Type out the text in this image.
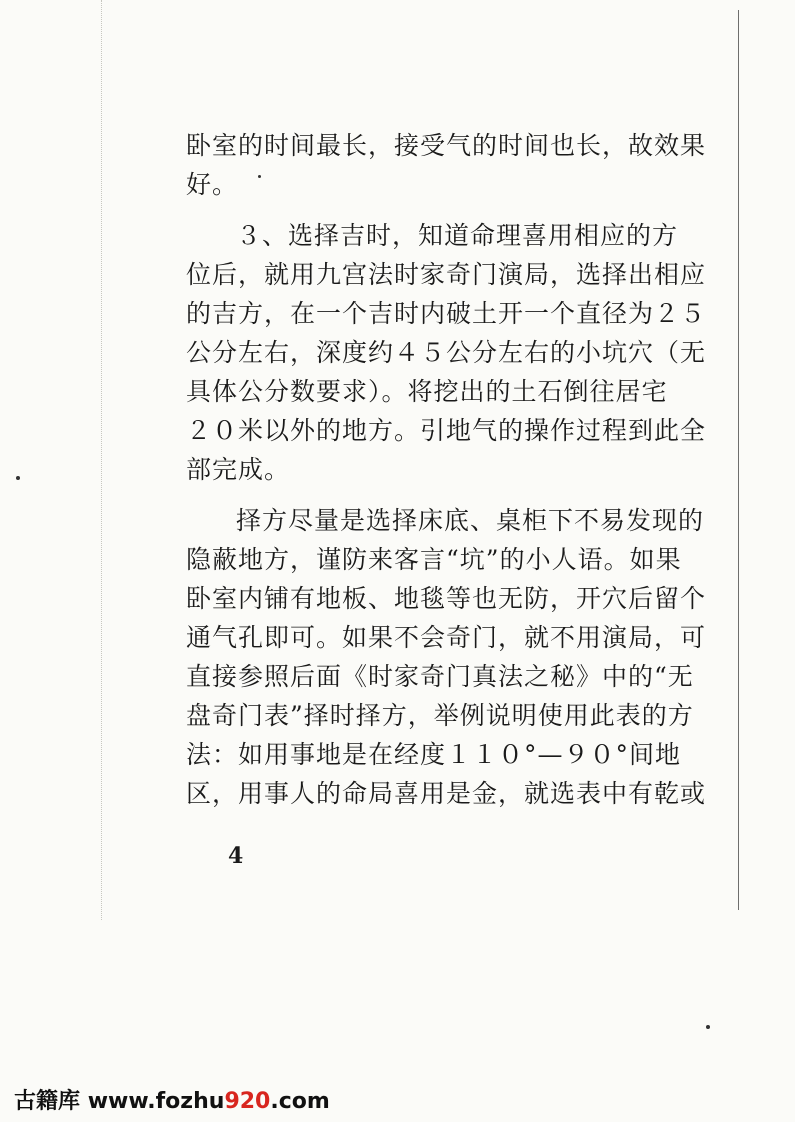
卧室的时间最长，接受气的时间也长，故效果
好。
３、选择吉时，知道命理喜用相应的方
位后，就用九宫法时家奇门演局，选择出相应
的吉方，在一个吉时内破土开一个直径为２５
公分左右，深度约４５公分左右的小坑穴（无
具体公分数要求）。将挖出的土石倒往居宅
２０米以外的地方。引地气的操作过程到此全
部完成。
择方尽量是选择床底、桌柜下不易发现的
隐蔽地方，谨防来客言“坑”的小人语。如果
卧室内铺有地板、地毯等也无防，开穴后留个
通气孔即可。如果不会奇门，就不用演局，可
直接参照后面《时家奇门真法之秘》中的“无
盘奇门表”择时择方，举例说明使用此表的方
法：如用事地是在经度１１０°—９０°间地
区，用事人的命局喜用是金，就选表中有乾或
4
古籍库 www.fozhu920.com
